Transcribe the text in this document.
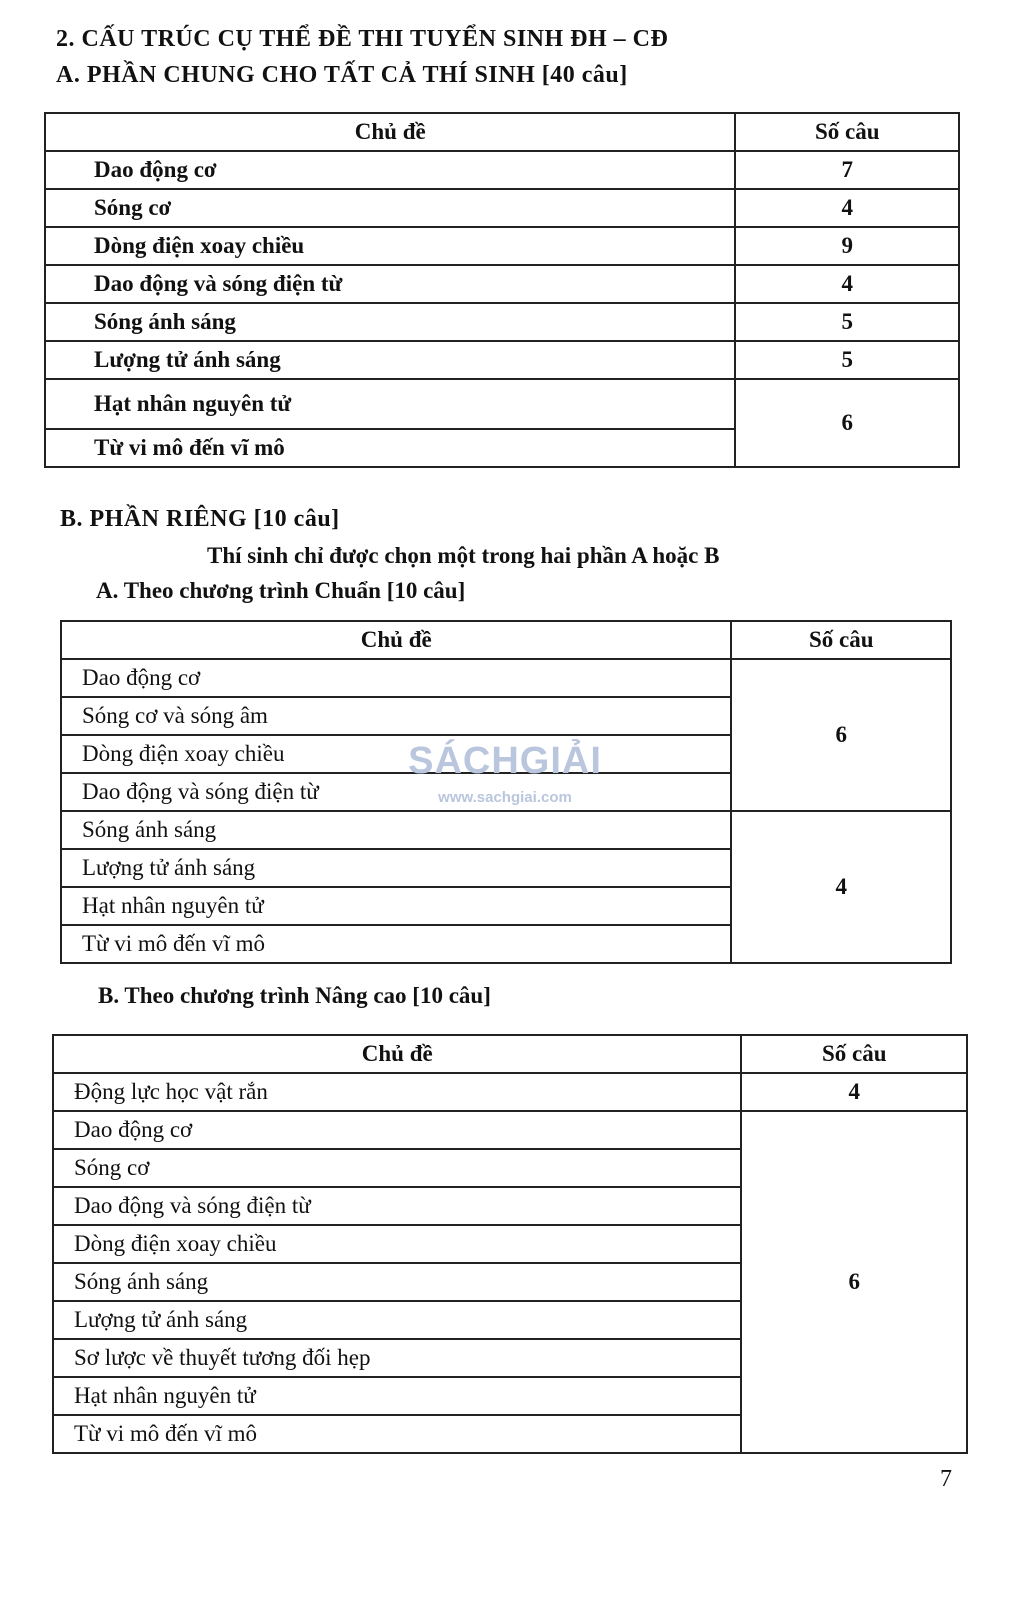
2. CẤU TRÚC CỤ THỂ ĐỀ THI TUYỂN SINH ĐH – CĐ
A. PHẦN CHUNG CHO TẤT CẢ THÍ SINH [40 câu]
Chủ đề	Số câu
Dao động cơ	7
Sóng cơ	4
Dòng điện xoay chiều	9
Dao động và sóng điện từ	4
Sóng ánh sáng	5
Lượng tử ánh sáng	5
Hạt nhân nguyên tử	6
Từ vi mô đến vĩ mô	
B. PHẦN RIÊNG [10 câu]
Thí sinh chỉ được chọn một trong hai phần A hoặc B
A. Theo chương trình Chuẩn [10 câu]
Chủ đề	Số câu
Dao động cơ	6
Sóng cơ và sóng âm	
Dòng điện xoay chiều	
Dao động và sóng điện từ	
Sóng ánh sáng	4
Lượng tử ánh sáng	
Hạt nhân nguyên tử	
Từ vi mô đến vĩ mô	
SÁCHGIẢI
www.sachgiai.com
B. Theo chương trình Nâng cao [10 câu]
Chủ đề	Số câu
Động lực học vật rắn	4
Dao động cơ	6
Sóng cơ	
Dao động và sóng điện từ	
Dòng điện xoay chiều	
Sóng ánh sáng	
Lượng tử ánh sáng	
Sơ lược về thuyết tương đối hẹp	
Hạt nhân nguyên tử	
Từ vi mô đến vĩ mô	
7
